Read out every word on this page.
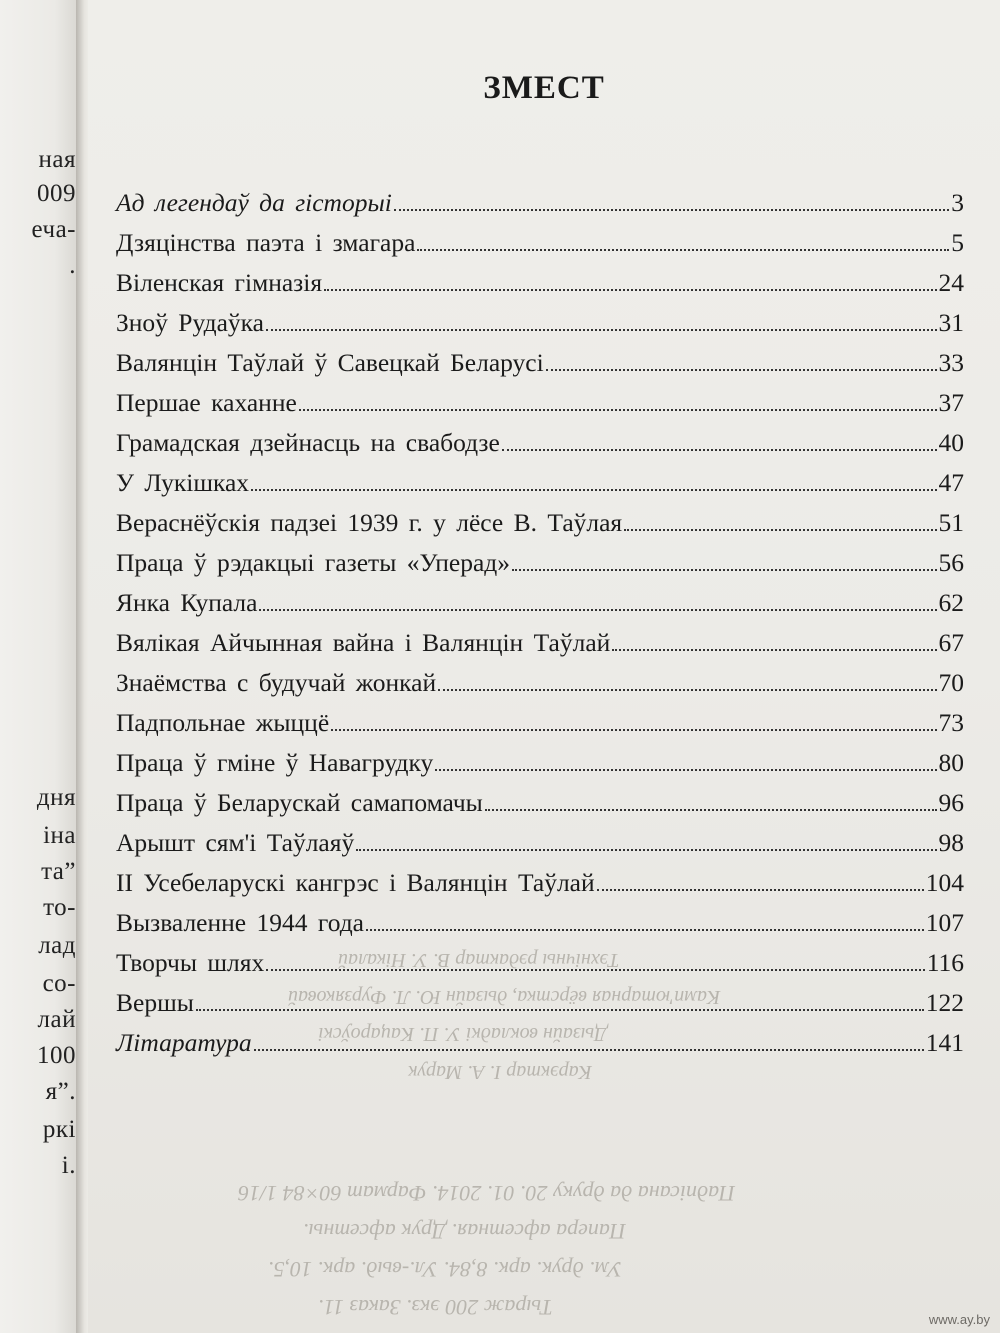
ная
009
еча-
.
дня
іна
та”
то-
лад
со-
лай
100
я”.
ркі
і.
Падпісана да друку 20. 01. 2014. Фармат 60×84 1/16
Папера афсетная. Друк афсетны.
Ум. друк. арк. 8,84. Ул.-выд. арк. 10,5.
Тыраж 200 экз. Заказ 11.
Тэхнічны рэдактар В. У. Нікалай
Камп'ютарная вёрстка, дызайн Ю. Л. Фурзяковай
Дызайн вокладкі У. П. Кацароўскі
Карэктар І. А. Марук
ЗМЕСТ
Ад легендаў да гісторыі	3
Дзяцінства паэта і змагара	5
Віленская гімназія	24
Зноў Рудаўка	31
Валянцін Таўлай ў Савецкай Беларусі	33
Першае каханне	37
Грамадская дзейнасць на свабодзе	40
У Лукішках	47
Вераснёўскія падзеі 1939 г. у лёсе В. Таўлая	51
Праца ў рэдакцыі газеты «Уперад»	56
Янка Купала	62
Вялікая Айчынная вайна і Валянцін Таўлай	67
Знаёмства с будучай жонкай	70
Падпольнае жыццё	73
Праца ў гміне ў Навагрудку	80
Праца ў Беларускай самапомачы	96
Арышт сям'і Таўлаяў	98
ІІ Усебеларускі кангрэс і Валянцін Таўлай	104
Вызваленне 1944 года	107
Творчы шлях	116
Вершы	122
Літаратура	141
www.ay.by
